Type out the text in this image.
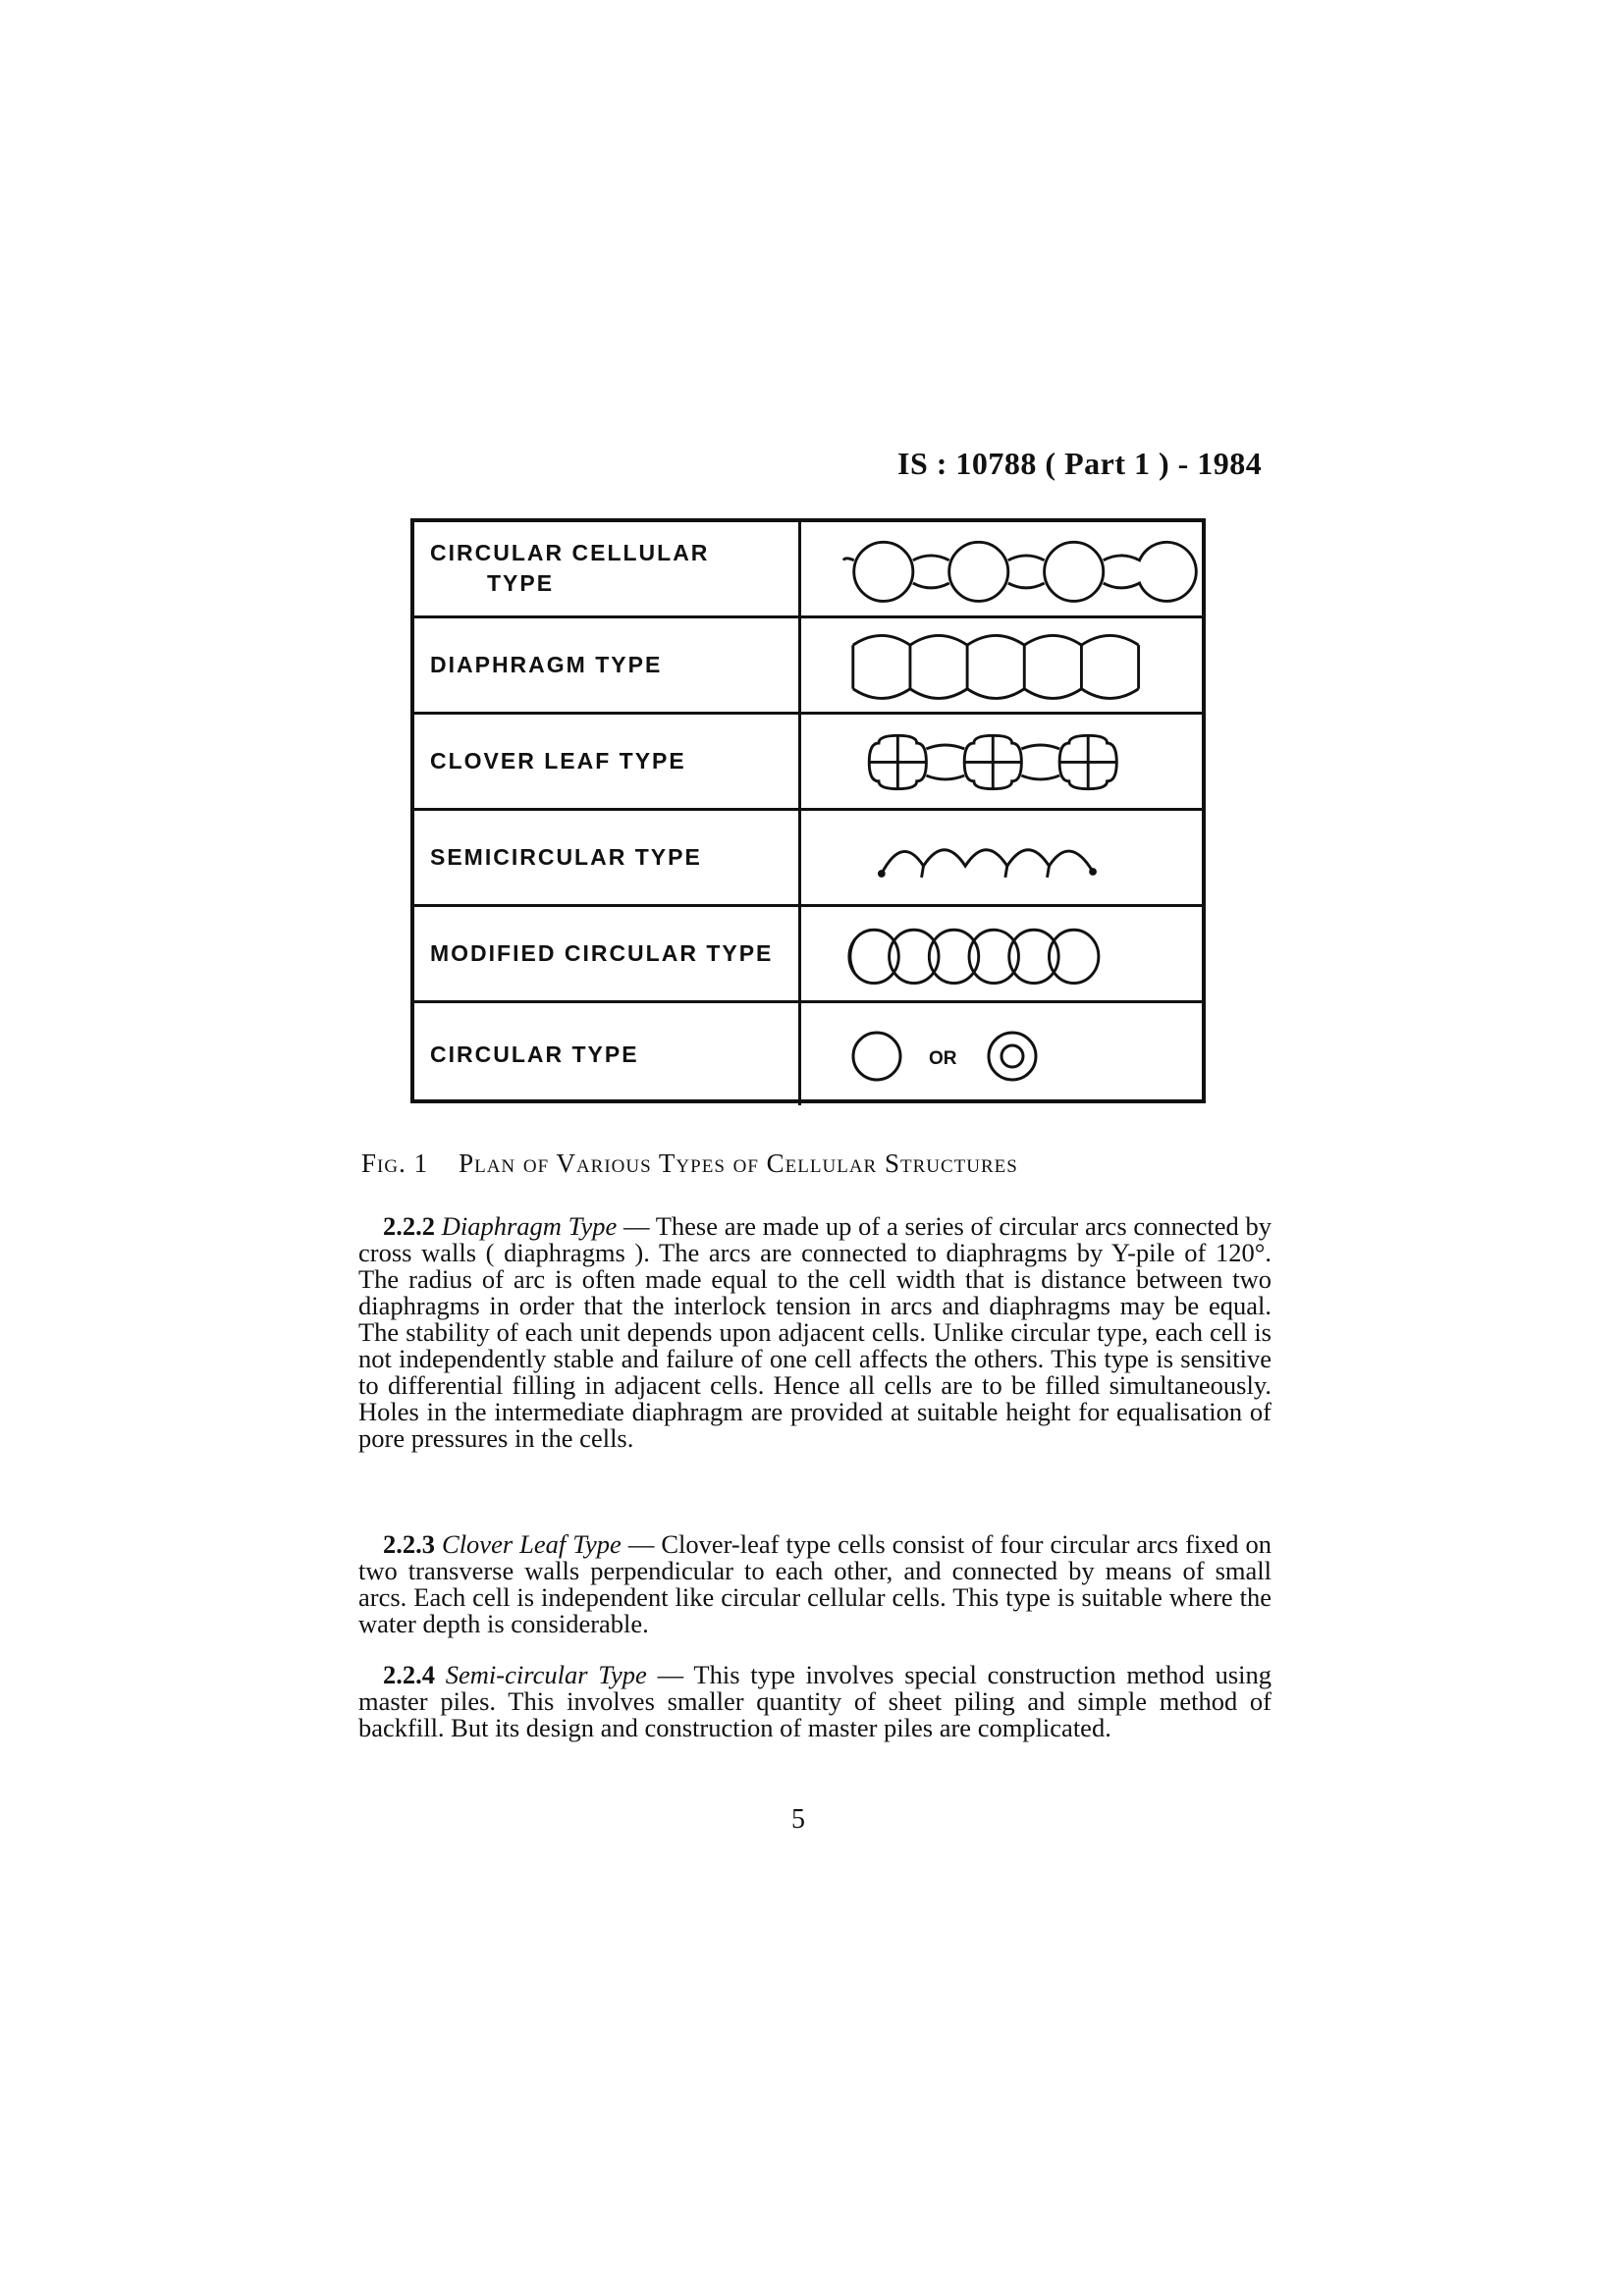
IS : 10788 ( Part 1 ) - 1984
CIRCULAR CELLULAR
TYPE
DIAPHRAGM TYPE
CLOVER LEAF TYPE
SEMICIRCULAR TYPE
MODIFIED CIRCULAR TYPE
CIRCULAR TYPE	OR
Fig. 1 Plan of Various Types of Cellular Structures

2.2.2 Diaphragm Type — These are made up of a series of circular arcs connected by cross walls ( diaphragms ). The arcs are connected to diaphragms by Y-pile of 120°. The radius of arc is often made equal to the cell width that is distance between two diaphragms in order that the interlock tension in arcs and diaphragms may be equal. The stability of each unit depends upon adjacent cells. Unlike circular type, each cell is not independently stable and failure of one cell affects the others. This type is sensitive to differential filling in adjacent cells. Hence all cells are to be filled simultaneously. Holes in the intermediate diaphragm are provided at suitable height for equalisation of pore pressures in the cells.

2.2.3 Clover Leaf Type — Clover-leaf type cells consist of four circular arcs fixed on two transverse walls perpendicular to each other, and connected by means of small arcs. Each cell is independent like circular cellular cells. This type is suitable where the water depth is considerable.

2.2.4 Semi-circular Type — This type involves special construction method using master piles. This involves smaller quantity of sheet piling and simple method of backfill. But its design and construction of master piles are complicated.

5
